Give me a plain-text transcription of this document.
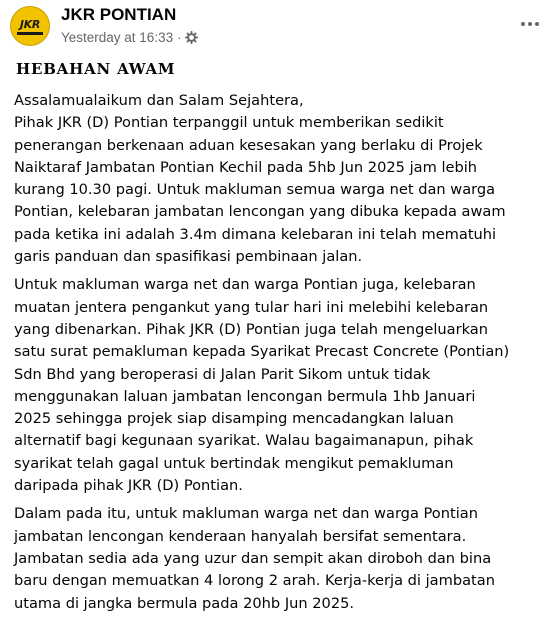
JKR
JKR PONTIAN
Yesterday at 16:33 ·
HEBAHAN AWAM
Assalamualaikum dan Salam Sejahtera,
Pihak JKR (D) Pontian terpanggil untuk memberikan sedikit
penerangan berkenaan aduan kesesakan yang berlaku di Projek
Naiktaraf Jambatan Pontian Kechil pada 5hb Jun 2025 jam lebih
kurang 10.30 pagi. Untuk makluman semua warga net dan warga
Pontian, kelebaran jambatan lencongan yang dibuka kepada awam
pada ketika ini adalah 3.4m dimana kelebaran ini telah mematuhi
garis panduan dan spasifikasi pembinaan jalan.
Untuk makluman warga net dan warga Pontian juga, kelebaran
muatan jentera pengankut yang tular hari ini melebihi kelebaran
yang dibenarkan. Pihak JKR (D) Pontian juga telah mengeluarkan
satu surat pemakluman kepada Syarikat Precast Concrete (Pontian)
Sdn Bhd yang beroperasi di Jalan Parit Sikom untuk tidak
menggunakan laluan jambatan lencongan bermula 1hb Januari
2025 sehingga projek siap disamping mencadangkan laluan
alternatif bagi kegunaan syarikat. Walau bagaimanapun, pihak
syarikat telah gagal untuk bertindak mengikut pemakluman
daripada pihak JKR (D) Pontian.
Dalam pada itu, untuk makluman warga net dan warga Pontian
jambatan lencongan kenderaan hanyalah bersifat sementara.
Jambatan sedia ada yang uzur dan sempit akan diroboh dan bina
baru dengan memuatkan 4 lorong 2 arah. Kerja-kerja di jambatan
utama di jangka bermula pada 20hb Jun 2025.
